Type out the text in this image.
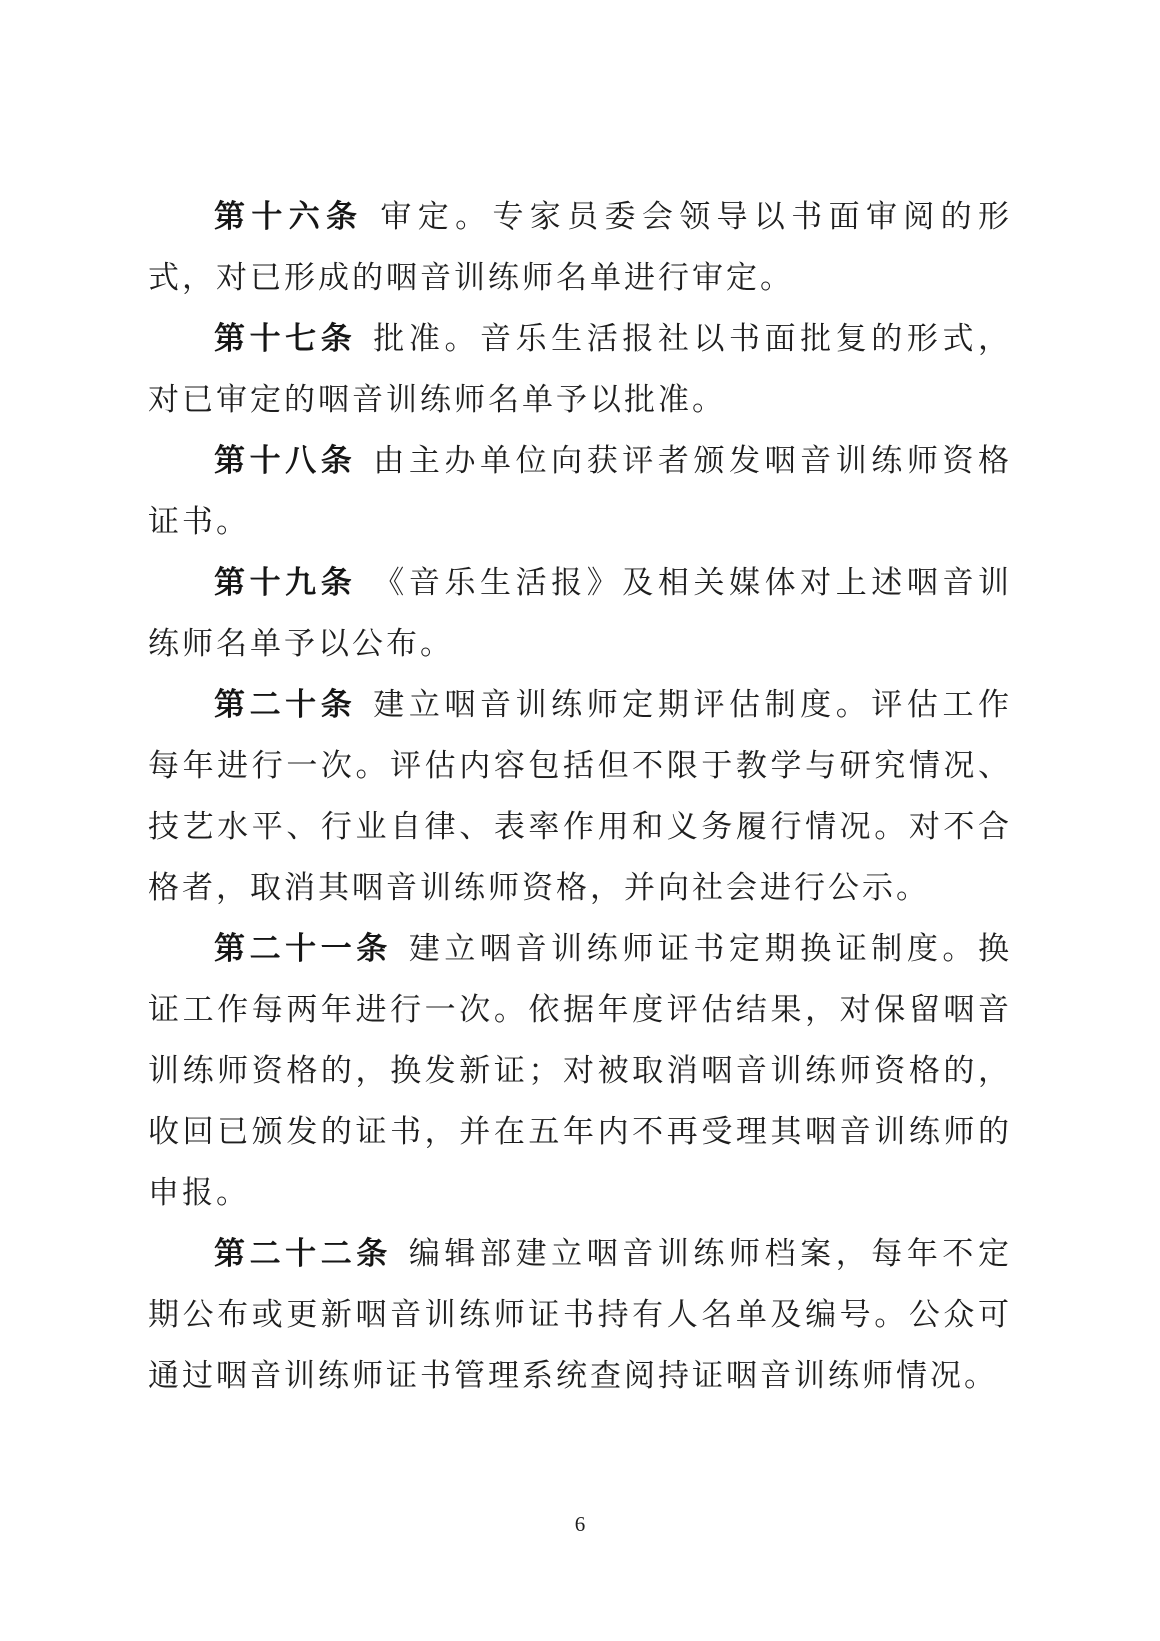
第十六条 审定。专家员委会领导以书面审阅的形式，对已形成的咽音训练师名单进行审定。

第十七条 批准。音乐生活报社以书面批复的形式，对已审定的咽音训练师名单予以批准。

第十八条 由主办单位向获评者颁发咽音训练师资格证书。

第十九条 《音乐生活报》及相关媒体对上述咽音训练师名单予以公布。

第二十条 建立咽音训练师定期评估制度。评估工作每年进行一次。评估内容包括但不限于教学与研究情况、技艺水平、行业自律、表率作用和义务履行情况。对不合格者，取消其咽音训练师资格，并向社会进行公示。

第二十一条 建立咽音训练师证书定期换证制度。换证工作每两年进行一次。依据年度评估结果，对保留咽音训练师资格的，换发新证；对被取消咽音训练师资格的，收回已颁发的证书，并在五年内不再受理其咽音训练师的申报。

第二十二条 编辑部建立咽音训练师档案，每年不定期公布或更新咽音训练师证书持有人名单及编号。公众可通过咽音训练师证书管理系统查阅持证咽音训练师情况。

6
